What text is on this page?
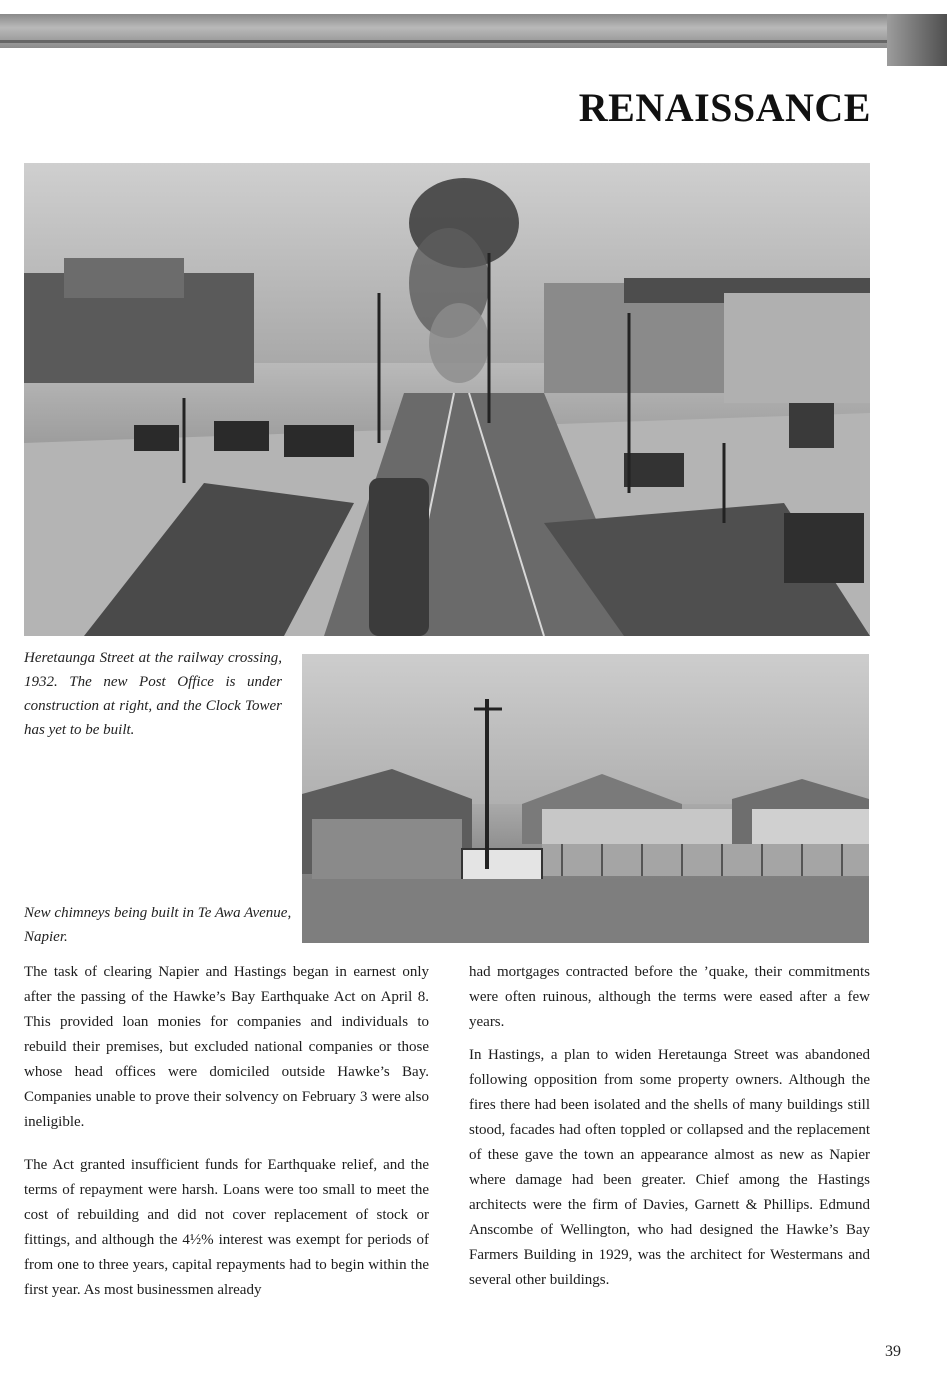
RENAISSANCE
Heretaunga Street at the railway crossing, 1932. The new Post Office is under construction at right, and the Clock Tower has yet to be built.
New chimneys being built in Te Awa Avenue, Napier.

The task of clearing Napier and Hastings began in earnest only after the passing of the Hawke’s Bay Earthquake Act on April 8. This provided loan monies for companies and individuals to rebuild their premises, but excluded national companies or those whose head offices were domiciled outside Hawke’s Bay. Companies unable to prove their solvency on February 3 were also ineligible.

The Act granted insufficient funds for Earthquake relief, and the terms of repayment were harsh. Loans were too small to meet the cost of rebuilding and did not cover replacement of stock or fittings, and although the 4½% interest was exempt for periods of from one to three years, capital repayments had to begin within the first year. As most businessmen already

had mortgages contracted before the ’quake, their commitments were often ruinous, although the terms were eased after a few years.

In Hastings, a plan to widen Heretaunga Street was abandoned following opposition from some property owners. Although the fires there had been isolated and the shells of many buildings still stood, facades had often toppled or collapsed and the replacement of these gave the town an appearance almost as new as Napier where damage had been greater. Chief among the Hastings architects were the firm of Davies, Garnett & Phillips. Edmund Anscombe of Wellington, who had designed the Hawke’s Bay Farmers Building in 1929, was the architect for Westermans and several other buildings.

39
